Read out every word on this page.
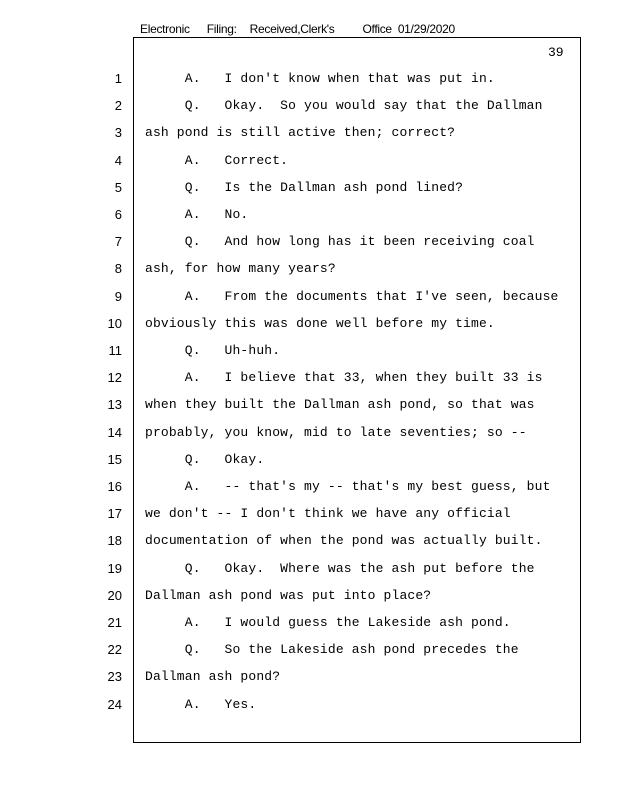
Electronic Filing: Received,Clerk's Office 01/29/2020
39
1 A.   I don't know when that was put in.
2 Q.   Okay.  So you would say that the Dallman
3 ash pond is still active then; correct?
4 A.   Correct.
5 Q.   Is the Dallman ash pond lined?
6 A.   No.
7 Q.   And how long has it been receiving coal
8 ash, for how many years?
9 A.   From the documents that I've seen, because
10 obviously this was done well before my time.
11 Q.   Uh-huh.
12 A.   I believe that 33, when they built 33 is
13 when they built the Dallman ash pond, so that was
14 probably, you know, mid to late seventies; so --
15 Q.   Okay.
16 A.   -- that's my -- that's my best guess, but
17 we don't -- I don't think we have any official
18 documentation of when the pond was actually built.
19 Q.   Okay.  Where was the ash put before the
20 Dallman ash pond was put into place?
21 A.   I would guess the Lakeside ash pond.
22 Q.   So the Lakeside ash pond precedes the
23 Dallman ash pond?
24 A.   Yes.
